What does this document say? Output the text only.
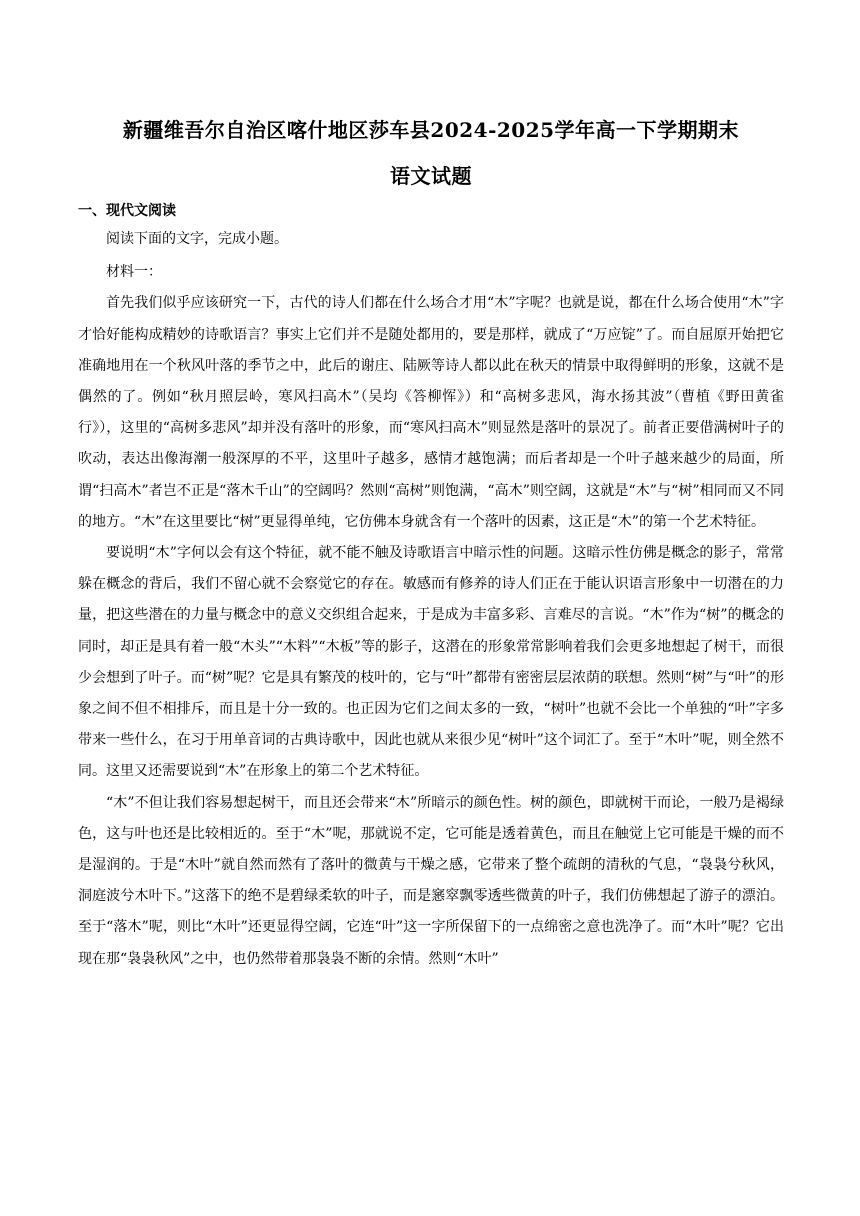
新疆维吾尔自治区喀什地区莎车县2024-2025学年高一下学期期末
语文试题
一、现代文阅读

阅读下面的文字，完成小题。

材料一：

首先我们似乎应该研究一下，古代的诗人们都在什么场合才用“木”字呢？也就是说，都在什么场合使用“木”字才恰好能构成精妙的诗歌语言？事实上它们并不是随处都用的，要是那样，就成了“万应锭”了。而自屈原开始把它准确地用在一个秋风叶落的季节之中，此后的谢庄、陆厥等诗人都以此在秋天的情景中取得鲜明的形象，这就不是偶然的了。例如“秋月照层岭，寒风扫高木”（吴均《答柳恽》）和“高树多悲风，海水扬其波”（曹植《野田黄雀行》），这里的“高树多悲风”却并没有落叶的形象，而“寒风扫高木”则显然是落叶的景况了。前者正要借满树叶子的吹动，表达出像海潮一般深厚的不平，这里叶子越多，感情才越饱满；而后者却是一个叶子越来越少的局面，所谓“扫高木”者岂不正是“落木千山”的空阔吗？然则“高树”则饱满，“高木”则空阔，这就是“木”与“树”相同而又不同的地方。“木”在这里要比“树”更显得单纯，它仿佛本身就含有一个落叶的因素，这正是“木”的第一个艺术特征。

要说明“木”字何以会有这个特征，就不能不触及诗歌语言中暗示性的问题。这暗示性仿佛是概念的影子，常常躲在概念的背后，我们不留心就不会察觉它的存在。敏感而有修养的诗人们正在于能认识语言形象中一切潜在的力量，把这些潜在的力量与概念中的意义交织组合起来，于是成为丰富多彩、言难尽的言说。“木”作为“树”的概念的同时，却正是具有着一般“木头”“木料”“木板”等的影子，这潜在的形象常常影响着我们会更多地想起了树干，而很少会想到了叶子。而“树”呢？它是具有繁茂的枝叶的，它与“叶”都带有密密层层浓荫的联想。然则“树”与“叶”的形象之间不但不相排斥，而且是十分一致的。也正因为它们之间太多的一致，“树叶”也就不会比一个单独的“叶”字多带来一些什么，在习于用单音词的古典诗歌中，因此也就从来很少见“树叶”这个词汇了。至于“木叶”呢，则全然不同。这里又还需要说到“木”在形象上的第二个艺术特征。

“木”不但让我们容易想起树干，而且还会带来“木”所暗示的颜色性。树的颜色，即就树干而论，一般乃是褐绿色，这与叶也还是比较相近的。至于“木”呢，那就说不定，它可能是透着黄色，而且在触觉上它可能是干燥的而不是湿润的。于是“木叶”就自然而然有了落叶的微黄与干燥之感，它带来了整个疏朗的清秋的气息，“袅袅兮秋风，洞庭波兮木叶下。”这落下的绝不是碧绿柔软的叶子，而是窸窣飘零透些微黄的叶子，我们仿佛想起了游子的漂泊。至于“落木”呢，则比“木叶”还更显得空阔，它连“叶”这一字所保留下的一点绵密之意也洗净了。而“木叶”呢？它出现在那“袅袅秋风”之中，也仍然带着那袅袅不断的余情。然则“木叶”
